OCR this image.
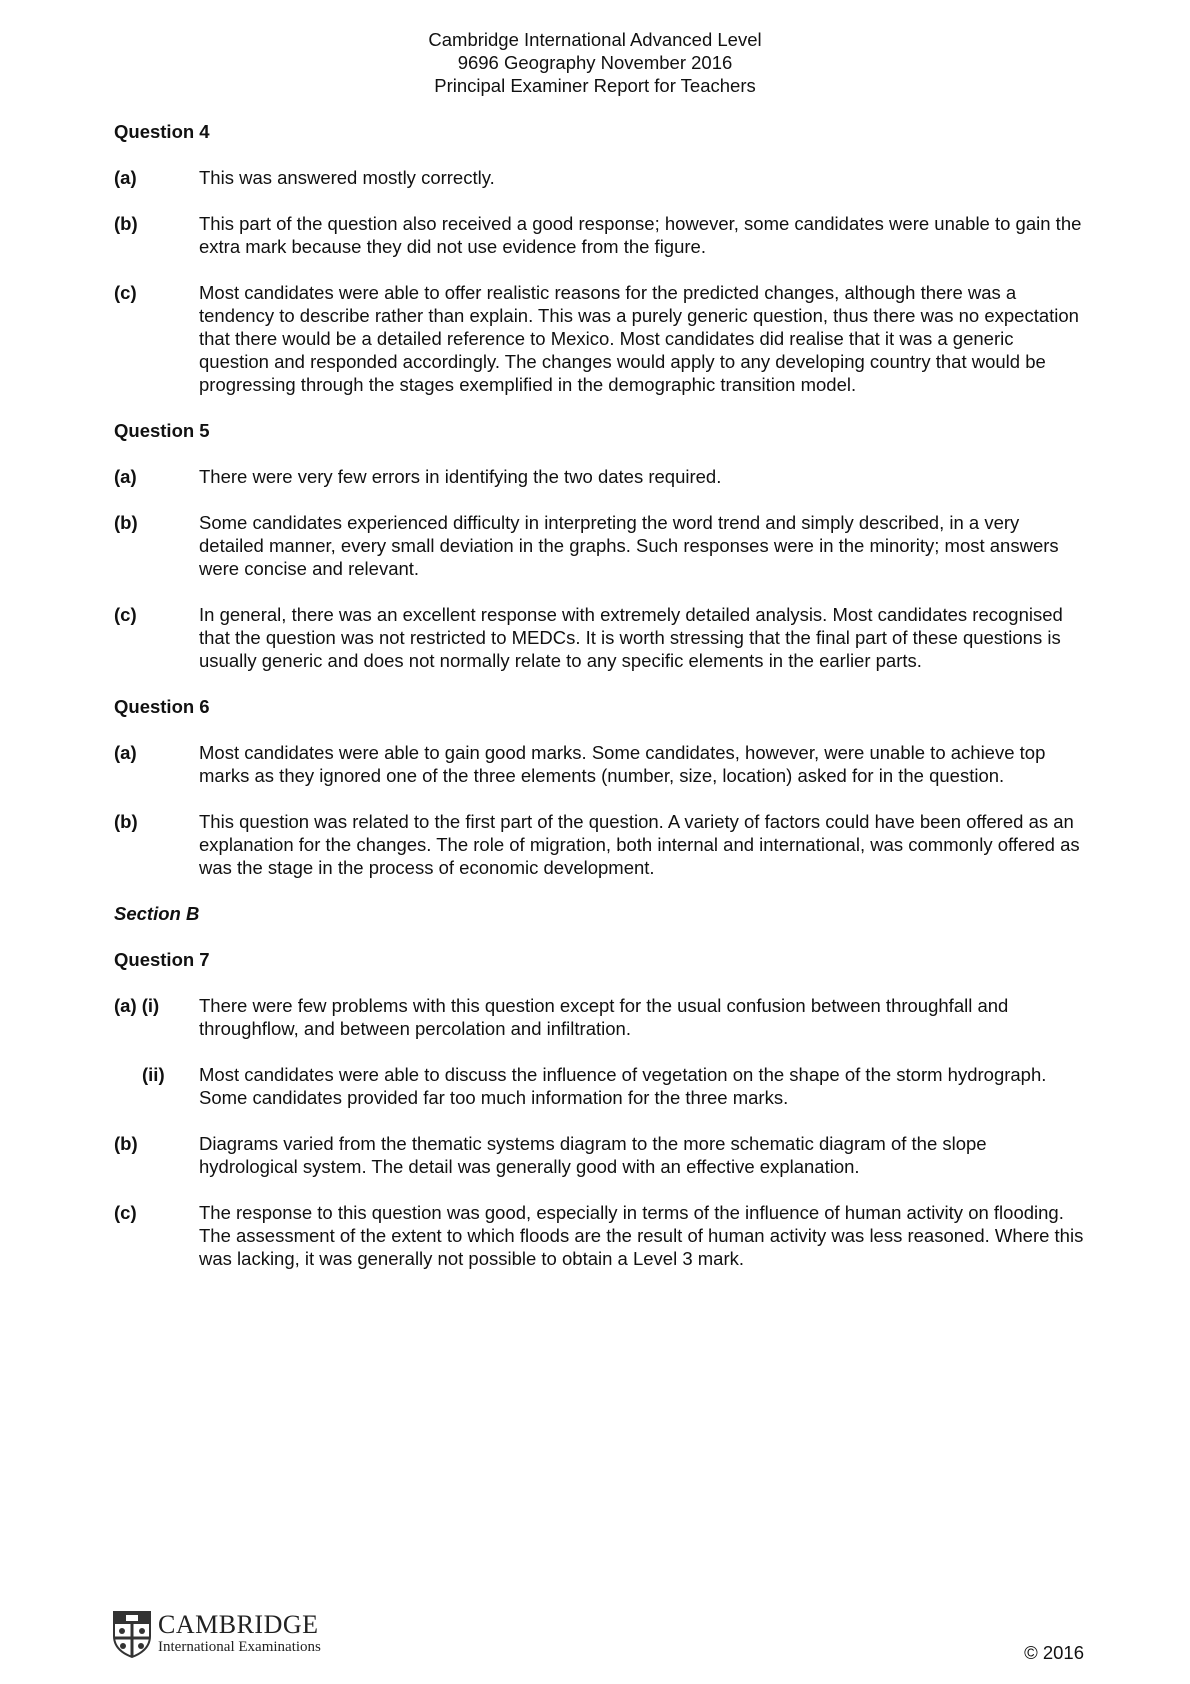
Cambridge International Advanced Level
9696 Geography November 2016
Principal Examiner Report for Teachers
Question 4
(a)	This was answered mostly correctly.
(b)	This part of the question also received a good response; however, some candidates were unable to gain the extra mark because they did not use evidence from the figure.
(c)	Most candidates were able to offer realistic reasons for the predicted changes, although there was a tendency to describe rather than explain. This was a purely generic question, thus there was no expectation that there would be a detailed reference to Mexico. Most candidates did realise that it was a generic question and responded accordingly. The changes would apply to any developing country that would be progressing through the stages exemplified in the demographic transition model.
Question 5
(a)	There were very few errors in identifying the two dates required.
(b)	Some candidates experienced difficulty in interpreting the word trend and simply described, in a very detailed manner, every small deviation in the graphs. Such responses were in the minority; most answers were concise and relevant.
(c)	In general, there was an excellent response with extremely detailed analysis. Most candidates recognised that the question was not restricted to MEDCs. It is worth stressing that the final part of these questions is usually generic and does not normally relate to any specific elements in the earlier parts.
Question 6
(a)	Most candidates were able to gain good marks. Some candidates, however, were unable to achieve top marks as they ignored one of the three elements (number, size, location) asked for in the question.
(b)	This question was related to the first part of the question. A variety of factors could have been offered as an explanation for the changes. The role of migration, both internal and international, was commonly offered as was the stage in the process of economic development.
Section B
Question 7
(a) (i)	There were few problems with this question except for the usual confusion between throughfall and throughflow, and between percolation and infiltration.
(ii)	Most candidates were able to discuss the influence of vegetation on the shape of the storm hydrograph. Some candidates provided far too much information for the three marks.
(b)	Diagrams varied from the thematic systems diagram to the more schematic diagram of the slope hydrological system. The detail was generally good with an effective explanation.
(c)	The response to this question was good, especially in terms of the influence of human activity on flooding. The assessment of the extent to which floods are the result of human activity was less reasoned. Where this was lacking, it was generally not possible to obtain a Level 3 mark.
CAMBRIDGE
International Examinations	© 2016
